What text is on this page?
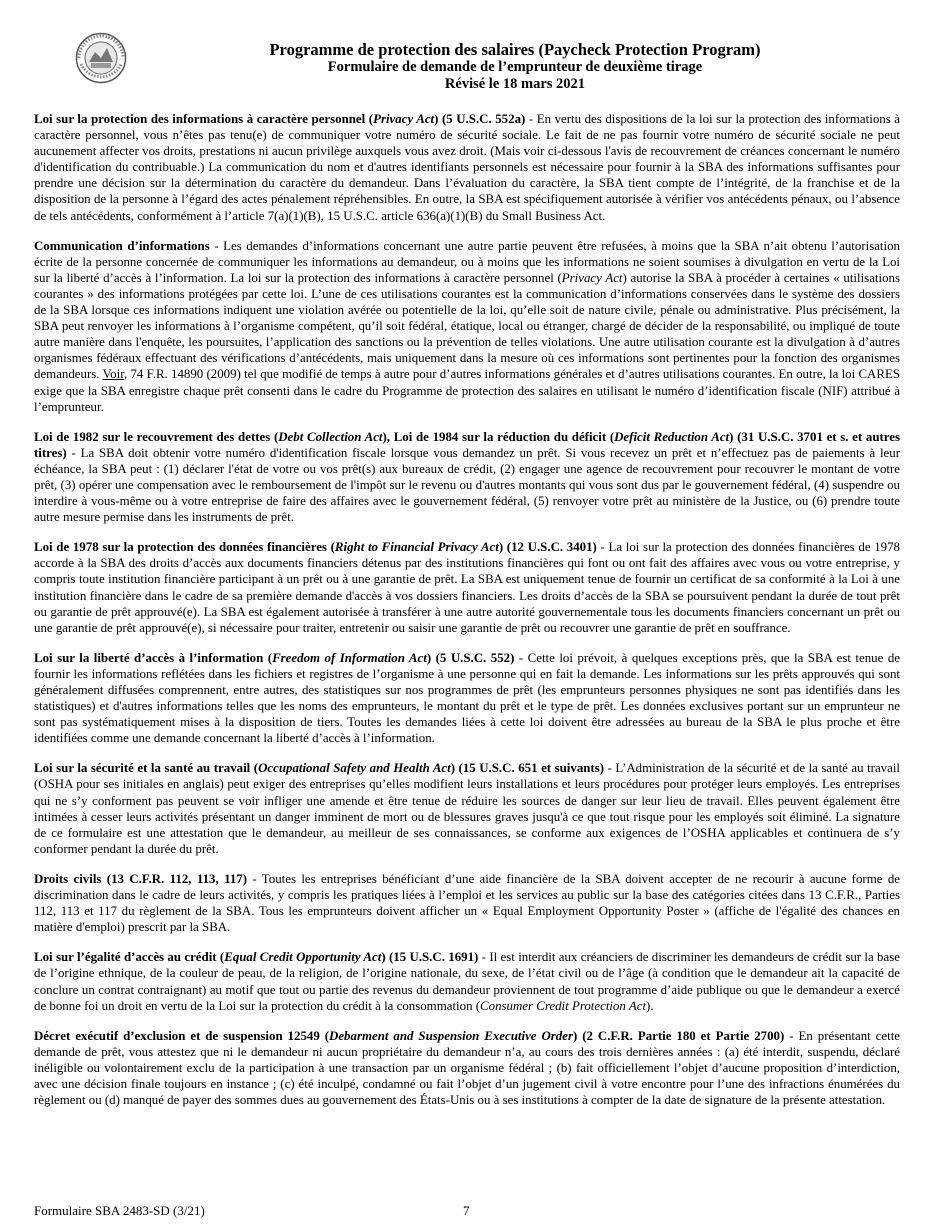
Programme de protection des salaires (Paycheck Protection Program)
Formulaire de demande de l’emprunteur de deuxième tirage
Révisé le 18 mars 2021

Loi sur la protection des informations à caractère personnel (Privacy Act) (5 U.S.C. 552a) - En vertu des dispositions de la loi sur la protection des informations à caractère personnel, vous n’êtes pas tenu(e) de communiquer votre numéro de sécurité sociale. Le fait de ne pas fournir votre numéro de sécurité sociale ne peut aucunement affecter vos droits, prestations ni aucun privilège auxquels vous avez droit. (Mais voir ci-dessous l'avis de recouvrement de créances concernant le numéro d'identification du contribuable.) La communication du nom et d'autres identifiants personnels est nécessaire pour fournir à la SBA des informations suffisantes pour prendre une décision sur la détermination du caractère du demandeur. Dans l’évaluation du caractère, la SBA tient compte de l’intégrité, de la franchise et de la disposition de la personne à l’égard des actes pénalement répréhensibles. En outre, la SBA est spécifiquement autorisée à vérifier vos antécédents pénaux, ou l’absence de tels antécédents, conformément à l’article 7(a)(1)(B), 15 U.S.C. article 636(a)(1)(B) du Small Business Act.

Communication d’informations - Les demandes d’informations concernant une autre partie peuvent être refusées, à moins que la SBA n’ait obtenu l’autorisation écrite de la personne concernée de communiquer les informations au demandeur, ou à moins que les informations ne soient soumises à divulgation en vertu de la Loi sur la liberté d’accès à l’information. La loi sur la protection des informations à caractère personnel (Privacy Act) autorise la SBA à procéder à certaines « utilisations courantes » des informations protégées par cette loi. L’une de ces utilisations courantes est la communication d’informations conservées dans le système des dossiers de la SBA lorsque ces informations indiquent une violation avérée ou potentielle de la loi, qu’elle soit de nature civile, pénale ou administrative. Plus précisément, la SBA peut renvoyer les informations à l’organisme compétent, qu’il soit fédéral, étatique, local ou étranger, chargé de décider de la responsabilité, ou impliqué de toute autre manière dans l'enquête, les poursuites, l’application des sanctions ou la prévention de telles violations. Une autre utilisation courante est la divulgation à d’autres organismes fédéraux effectuant des vérifications d’antécédents, mais uniquement dans la mesure où ces informations sont pertinentes pour la fonction des organismes demandeurs. Voir, 74 F.R. 14890 (2009) tel que modifié de temps à autre pour d’autres informations générales et d’autres utilisations courantes. En outre, la loi CARES exige que la SBA enregistre chaque prêt consenti dans le cadre du Programme de protection des salaires en utilisant le numéro d’identification fiscale (NIF) attribué à l’emprunteur.

Loi de 1982 sur le recouvrement des dettes (Debt Collection Act), Loi de 1984 sur la réduction du déficit (Deficit Reduction Act) (31 U.S.C. 3701 et s. et autres titres) - La SBA doit obtenir votre numéro d'identification fiscale lorsque vous demandez un prêt. Si vous recevez un prêt et n’effectuez pas de paiements à leur échéance, la SBA peut : (1) déclarer l'état de votre ou vos prêt(s) aux bureaux de crédit, (2) engager une agence de recouvrement pour recouvrer le montant de votre prêt, (3) opérer une compensation avec le remboursement de l'impôt sur le revenu ou d'autres montants qui vous sont dus par le gouvernement fédéral, (4) suspendre ou interdire à vous-même ou à votre entreprise de faire des affaires avec le gouvernement fédéral, (5) renvoyer votre prêt au ministère de la Justice, ou (6) prendre toute autre mesure permise dans les instruments de prêt.

Loi de 1978 sur la protection des données financières (Right to Financial Privacy Act) (12 U.S.C. 3401) - La loi sur la protection des données financières de 1978 accorde à la SBA des droits d’accès aux documents financiers détenus par des institutions financières qui font ou ont fait des affaires avec vous ou votre entreprise, y compris toute institution financière participant à un prêt ou à une garantie de prêt. La SBA est uniquement tenue de fournir un certificat de sa conformité à la Loi à une institution financière dans le cadre de sa première demande d'accès à vos dossiers financiers. Les droits d’accès de la SBA se poursuivent pendant la durée de tout prêt ou garantie de prêt approuvé(e). La SBA est également autorisée à transférer à une autre autorité gouvernementale tous les documents financiers concernant un prêt ou une garantie de prêt approuvé(e), si nécessaire pour traiter, entretenir ou saisir une garantie de prêt ou recouvrer une garantie de prêt en souffrance.

Loi sur la liberté d’accès à l’information (Freedom of Information Act) (5 U.S.C. 552) - Cette loi prévoit, à quelques exceptions près, que la SBA est tenue de fournir les informations reflétées dans les fichiers et registres de l’organisme à une personne qui en fait la demande. Les informations sur les prêts approuvés qui sont généralement diffusées comprennent, entre autres, des statistiques sur nos programmes de prêt (les emprunteurs personnes physiques ne sont pas identifiés dans les statistiques) et d'autres informations telles que les noms des emprunteurs, le montant du prêt et le type de prêt. Les données exclusives portant sur un emprunteur ne sont pas systématiquement mises à la disposition de tiers. Toutes les demandes liées à cette loi doivent être adressées au bureau de la SBA le plus proche et être identifiées comme une demande concernant la liberté d’accès à l’information.

Loi sur la sécurité et la santé au travail (Occupational Safety and Health Act) (15 U.S.C. 651 et suivants) - L’Administration de la sécurité et de la santé au travail (OSHA pour ses initiales en anglais) peut exiger des entreprises qu’elles modifient leurs installations et leurs procédures pour protéger leurs employés. Les entreprises qui ne s’y conforment pas peuvent se voir infliger une amende et être tenue de réduire les sources de danger sur leur lieu de travail. Elles peuvent également être intimées à cesser leurs activités présentant un danger imminent de mort ou de blessures graves jusqu'à ce que tout risque pour les employés soit éliminé. La signature de ce formulaire est une attestation que le demandeur, au meilleur de ses connaissances, se conforme aux exigences de l’OSHA applicables et continuera de s’y conformer pendant la durée du prêt.

Droits civils (13 C.F.R. 112, 113, 117) - Toutes les entreprises bénéficiant d’une aide financière de la SBA doivent accepter de ne recourir à aucune forme de discrimination dans le cadre de leurs activités, y compris les pratiques liées à l’emploi et les services au public sur la base des catégories citées dans 13 C.F.R., Parties 112, 113 et 117 du règlement de la SBA. Tous les emprunteurs doivent afficher un « Equal Employment Opportunity Poster » (affiche de l'égalité des chances en matière d'emploi) prescrit par la SBA.

Loi sur l’égalité d’accès au crédit (Equal Credit Opportunity Act) (15 U.S.C. 1691) - Il est interdit aux créanciers de discriminer les demandeurs de crédit sur la base de l’origine ethnique, de la couleur de peau, de la religion, de l’origine nationale, du sexe, de l’état civil ou de l’âge (à condition que le demandeur ait la capacité de conclure un contrat contraignant) au motif que tout ou partie des revenus du demandeur proviennent de tout programme d’aide publique ou que le demandeur a exercé de bonne foi un droit en vertu de la Loi sur la protection du crédit à la consommation (Consumer Credit Protection Act).

Décret exécutif d’exclusion et de suspension 12549 (Debarment and Suspension Executive Order) (2 C.F.R. Partie 180 et Partie 2700) - En présentant cette demande de prêt, vous attestez que ni le demandeur ni aucun propriétaire du demandeur n’a, au cours des trois dernières années : (a) été interdit, suspendu, déclaré inéligible ou volontairement exclu de la participation à une transaction par un organisme fédéral ; (b) fait officiellement l’objet d’aucune proposition d’interdiction, avec une décision finale toujours en instance ; (c) été inculpé, condamné ou fait l’objet d’un jugement civil à votre encontre pour l’une des infractions énumérées du règlement ou (d) manqué de payer des sommes dues au gouvernement des États-Unis ou à ses institutions à compter de la date de signature de la présente attestation.

Formulaire SBA 2483-SD (3/21)	7
